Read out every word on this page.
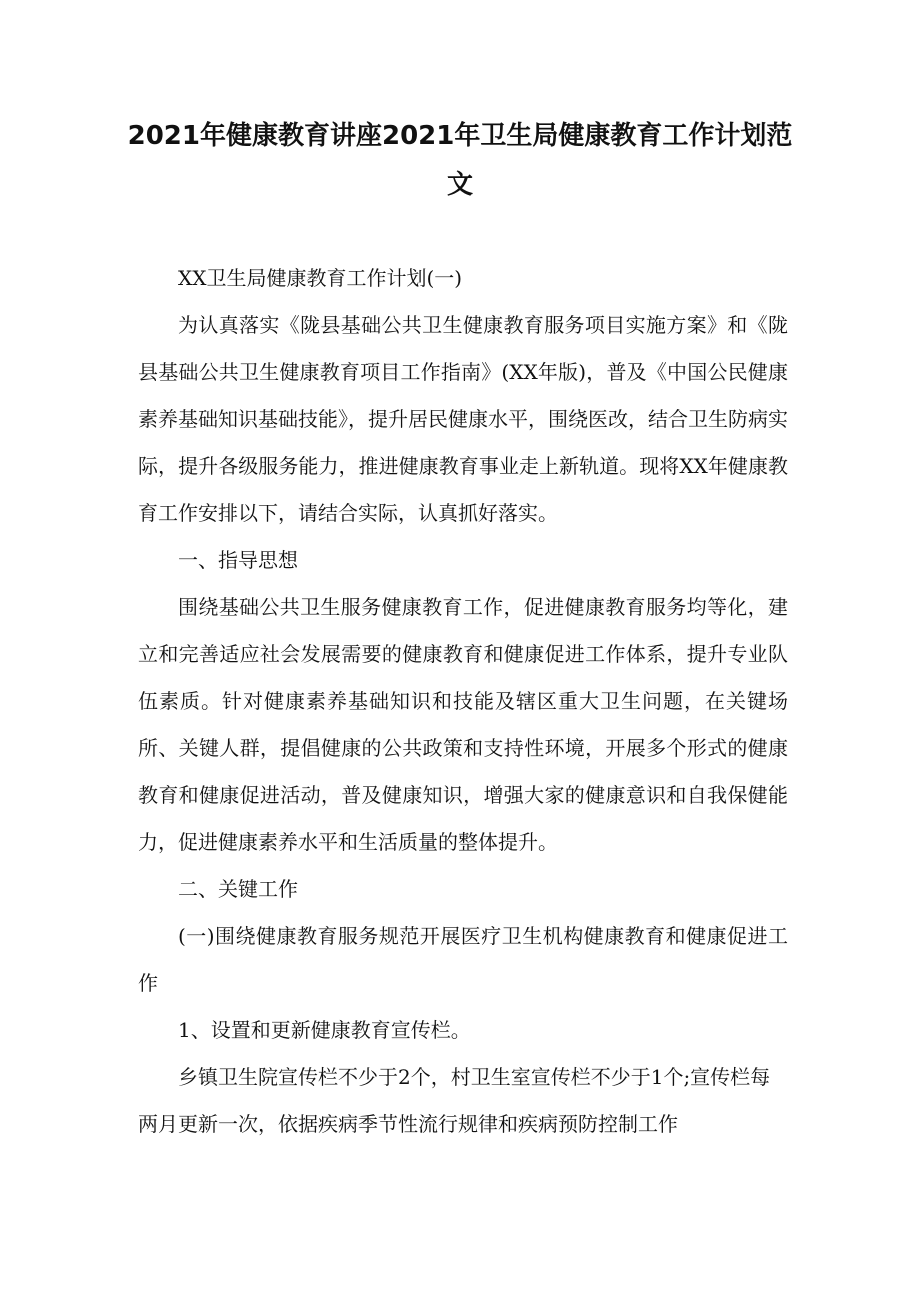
2021年健康教育讲座2021年卫生局健康教育工作计划范文

XX卫生局健康教育工作计划(一)

为认真落实《陇县基础公共卫生健康教育服务项目实施方案》和《陇县基础公共卫生健康教育项目工作指南》(XX年版)，普及《中国公民健康素养基础知识基础技能》，提升居民健康水平，围绕医改，结合卫生防病实际，提升各级服务能力，推进健康教育事业走上新轨道。现将XX年健康教育工作安排以下，请结合实际，认真抓好落实。

一、指导思想

围绕基础公共卫生服务健康教育工作，促进健康教育服务均等化，建立和完善适应社会发展需要的健康教育和健康促进工作体系，提升专业队伍素质。针对健康素养基础知识和技能及辖区重大卫生问题，在关键场所、关键人群，提倡健康的公共政策和支持性环境，开展多个形式的健康教育和健康促进活动，普及健康知识，增强大家的健康意识和自我保健能力，促进健康素养水平和生活质量的整体提升。

二、关键工作

(一)围绕健康教育服务规范开展医疗卫生机构健康教育和健康促进工作

1、设置和更新健康教育宣传栏。

乡镇卫生院宣传栏不少于2个，村卫生室宣传栏不少于1个;宣传栏每两月更新一次，依据疾病季节性流行规律和疾病预防控制工作
